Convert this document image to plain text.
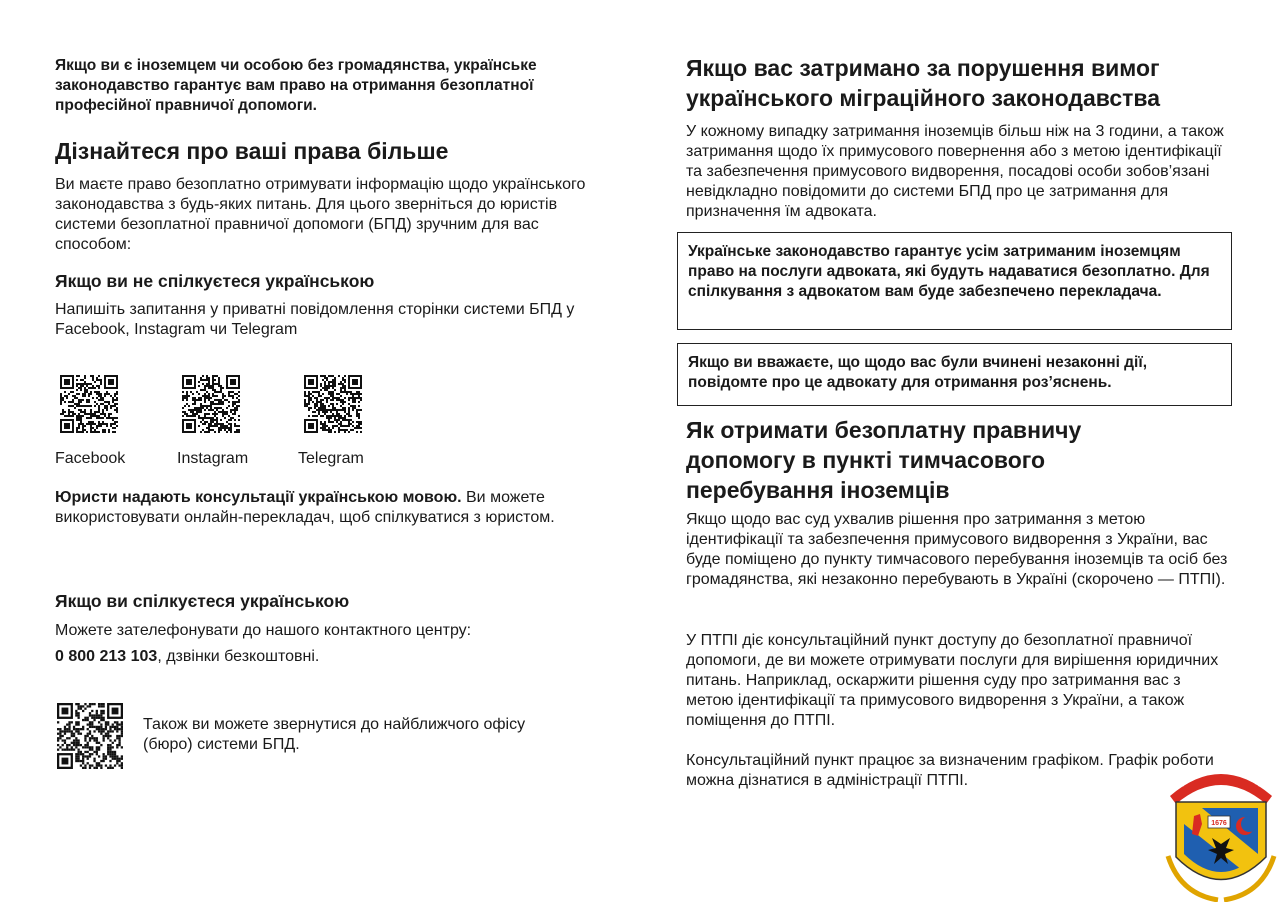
Якщо ви є іноземцем чи особою без громадянства, українське законодавство гарантує вам право на отримання безоплатної професійної правничої допомоги.

Дізнайтеся про ваші права більше

Ви маєте право безоплатно отримувати інформацію щодо українського законодавства з будь-яких питань. Для цього зверніться до юристів системи безоплатної правничої допомоги (БПД) зручним для вас способом:

Якщо ви не спілкуєтеся українською

Напишіть запитання у приватні повідомлення сторінки системи БПД у Facebook, Instagram чи Telegram

Facebook	Instagram	Telegram

Юристи надають консультації українською мовою. Ви можете використовувати онлайн-перекладач, щоб спілкуватися з юристом.

Якщо ви спілкуєтеся українською

Можете зателефонувати до нашого контактного центру:

0 800 213 103, дзвінки безкоштовні.

Також ви можете звернутися до найближчого офісу (бюро) системи БПД.

Якщо вас затримано за порушення вимог українського міграційного законодавства

У кожному випадку затримання іноземців більш ніж на 3 години, а також затримання щодо їх примусового повернення або з метою ідентифікації та забезпечення примусового видворення, посадові особи зобов’язані невідкладно повідомити до системи БПД про це затримання для призначення їм адвоката.

Українське законодавство гарантує усім затриманим іноземцям право на послуги адвоката, які будуть надаватися безоплатно. Для спілкування з адвокатом вам буде забезпечено перекладача.
Якщо ви вважаєте, що щодо вас були вчинені незаконні дії, повідомте про це адвокату для отримання роз’яснень.
Як отримати безоплатну правничу допомогу в пункті тимчасового перебування іноземців

Якщо щодо вас суд ухвалив рішення про затримання з метою ідентифікації та забезпечення примусового видворення з України, вас буде поміщено до пункту тимчасового перебування іноземців та осіб без громадянства, які незаконно перебувають в Україні (скорочено — ПТПІ).

У ПТПІ діє консультаційний пункт доступу до безоплатної правничої допомоги, де ви можете отримувати послуги для вирішення юридичних питань. Наприклад, оскаржити рішення суду про затримання вас з метою ідентифікації та примусового видворення з України, а також поміщення до ПТПІ.

Консультаційний пункт працює за визначеним графіком. Графік роботи можна дізнатися в адміністрації ПТПІ.	ПЕРВОМАЙСЬК
1676
